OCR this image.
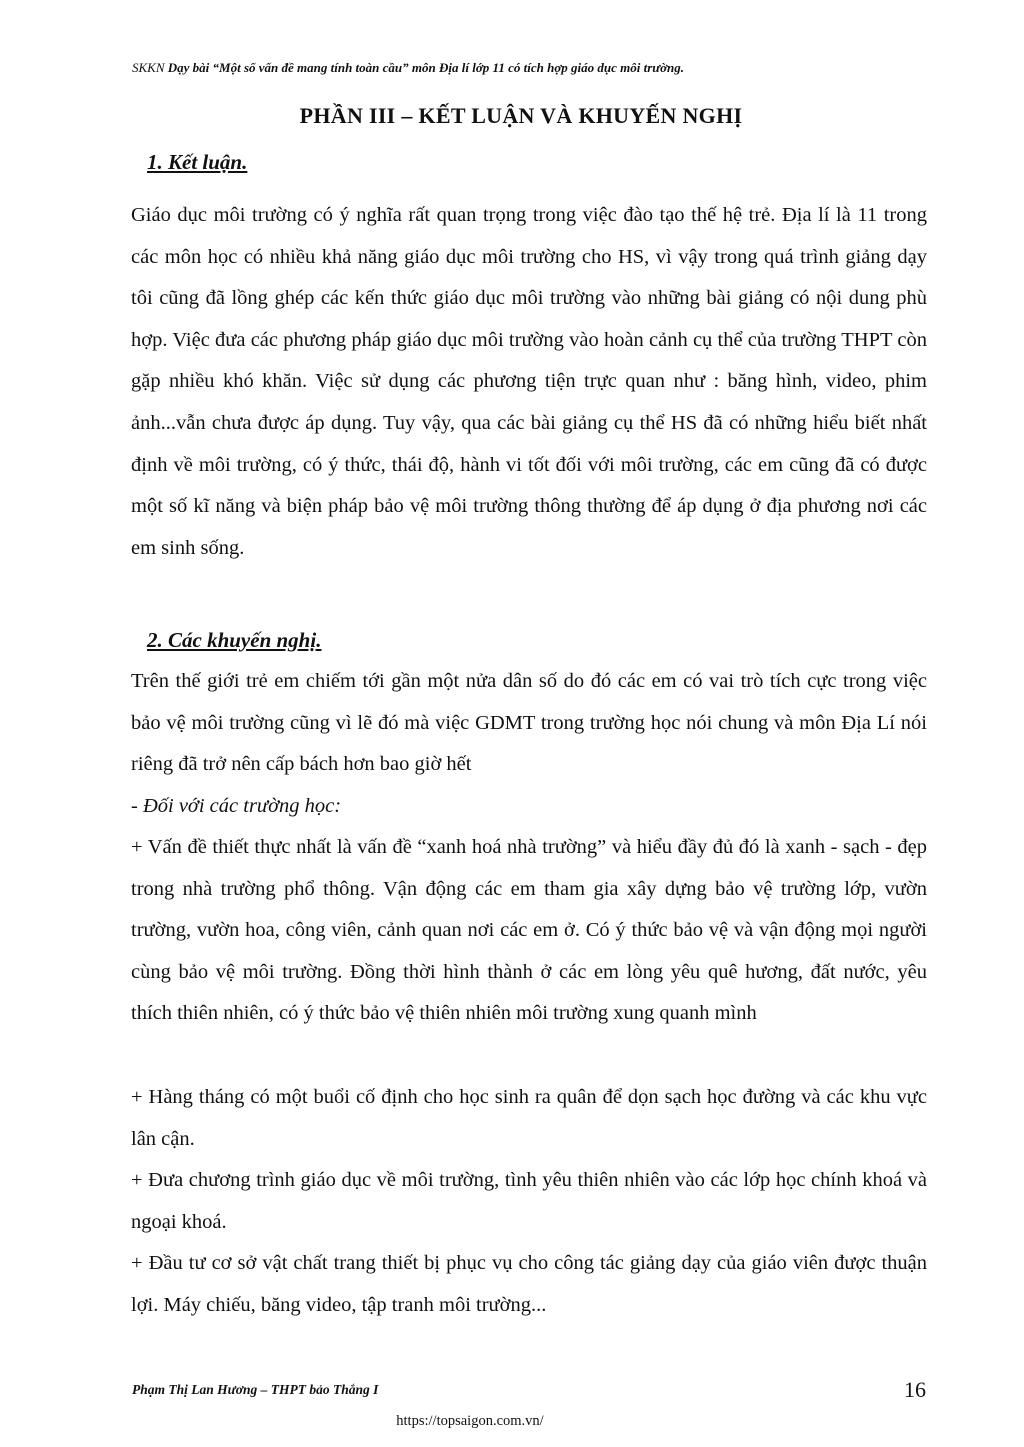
SKKN Dạy bài “Một số vấn đề mang tính toàn cầu” môn Địa lí lớp 11 có tích hợp giáo dục môi trường.
PHẦN III – KẾT LUẬN VÀ KHUYẾN NGHỊ
1. Kết luận.

Giáo dục môi trường có ý nghĩa rất quan trọng trong việc đào tạo thế hệ trẻ. Địa lí là 11 trong các môn học có nhiều khả năng giáo dục môi trường cho HS, vì vậy trong quá trình giảng dạy tôi cũng đã lồng ghép các kến thức giáo dục môi trường vào những bài giảng có nội dung phù hợp. Việc đưa các phương pháp giáo dục môi trường vào hoàn cảnh cụ thể của trường THPT còn gặp nhiều khó khăn. Việc sử dụng các phương tiện trực quan như : băng hình, video, phim ảnh...vẫn chưa được áp dụng. Tuy vậy, qua các bài giảng cụ thể HS đã có những hiểu biết nhất định về môi trường, có ý thức, thái độ, hành vi tốt đối với môi trường, các em cũng đã có được một số kĩ năng và biện pháp bảo vệ môi trường thông thường để áp dụng ở địa phương nơi các em sinh sống.

2. Các khuyến nghị.

Trên thế giới trẻ em chiếm tới gần một nửa dân số do đó các em có vai trò tích cực trong việc bảo vệ môi trường cũng vì lẽ đó mà việc GDMT trong trường học nói chung và môn Địa Lí nói riêng đã trở nên cấp bách hơn bao giờ hết

- Đối với các trường học:

+ Vấn đề thiết thực nhất là vấn đề “xanh hoá nhà trường” và hiểu đầy đủ đó là xanh - sạch - đẹp trong nhà trường phổ thông. Vận động các em tham gia xây dựng bảo vệ trường lớp, vườn trường, vườn hoa, công viên, cảnh quan nơi các em ở. Có ý thức bảo vệ và vận động mọi người cùng bảo vệ môi trường. Đồng thời hình thành ở các em lòng yêu quê hương, đất nước, yêu thích thiên nhiên, có ý thức bảo vệ thiên nhiên môi trường xung quanh mình

+ Hàng tháng có một buổi cố định cho học sinh ra quân để dọn sạch học đường và các khu vực lân cận.

+ Đưa chương trình giáo dục về môi trường, tình yêu thiên nhiên vào các lớp học chính khoá và ngoại khoá.

+ Đầu tư cơ sở vật chất trang thiết bị phục vụ cho công tác giảng dạy của giáo viên được thuận lợi. Máy chiếu, băng video, tập tranh môi trường...

Phạm Thị Lan Hương – THPT bảo Thắng I	16
https://topsaigon.com.vn/
